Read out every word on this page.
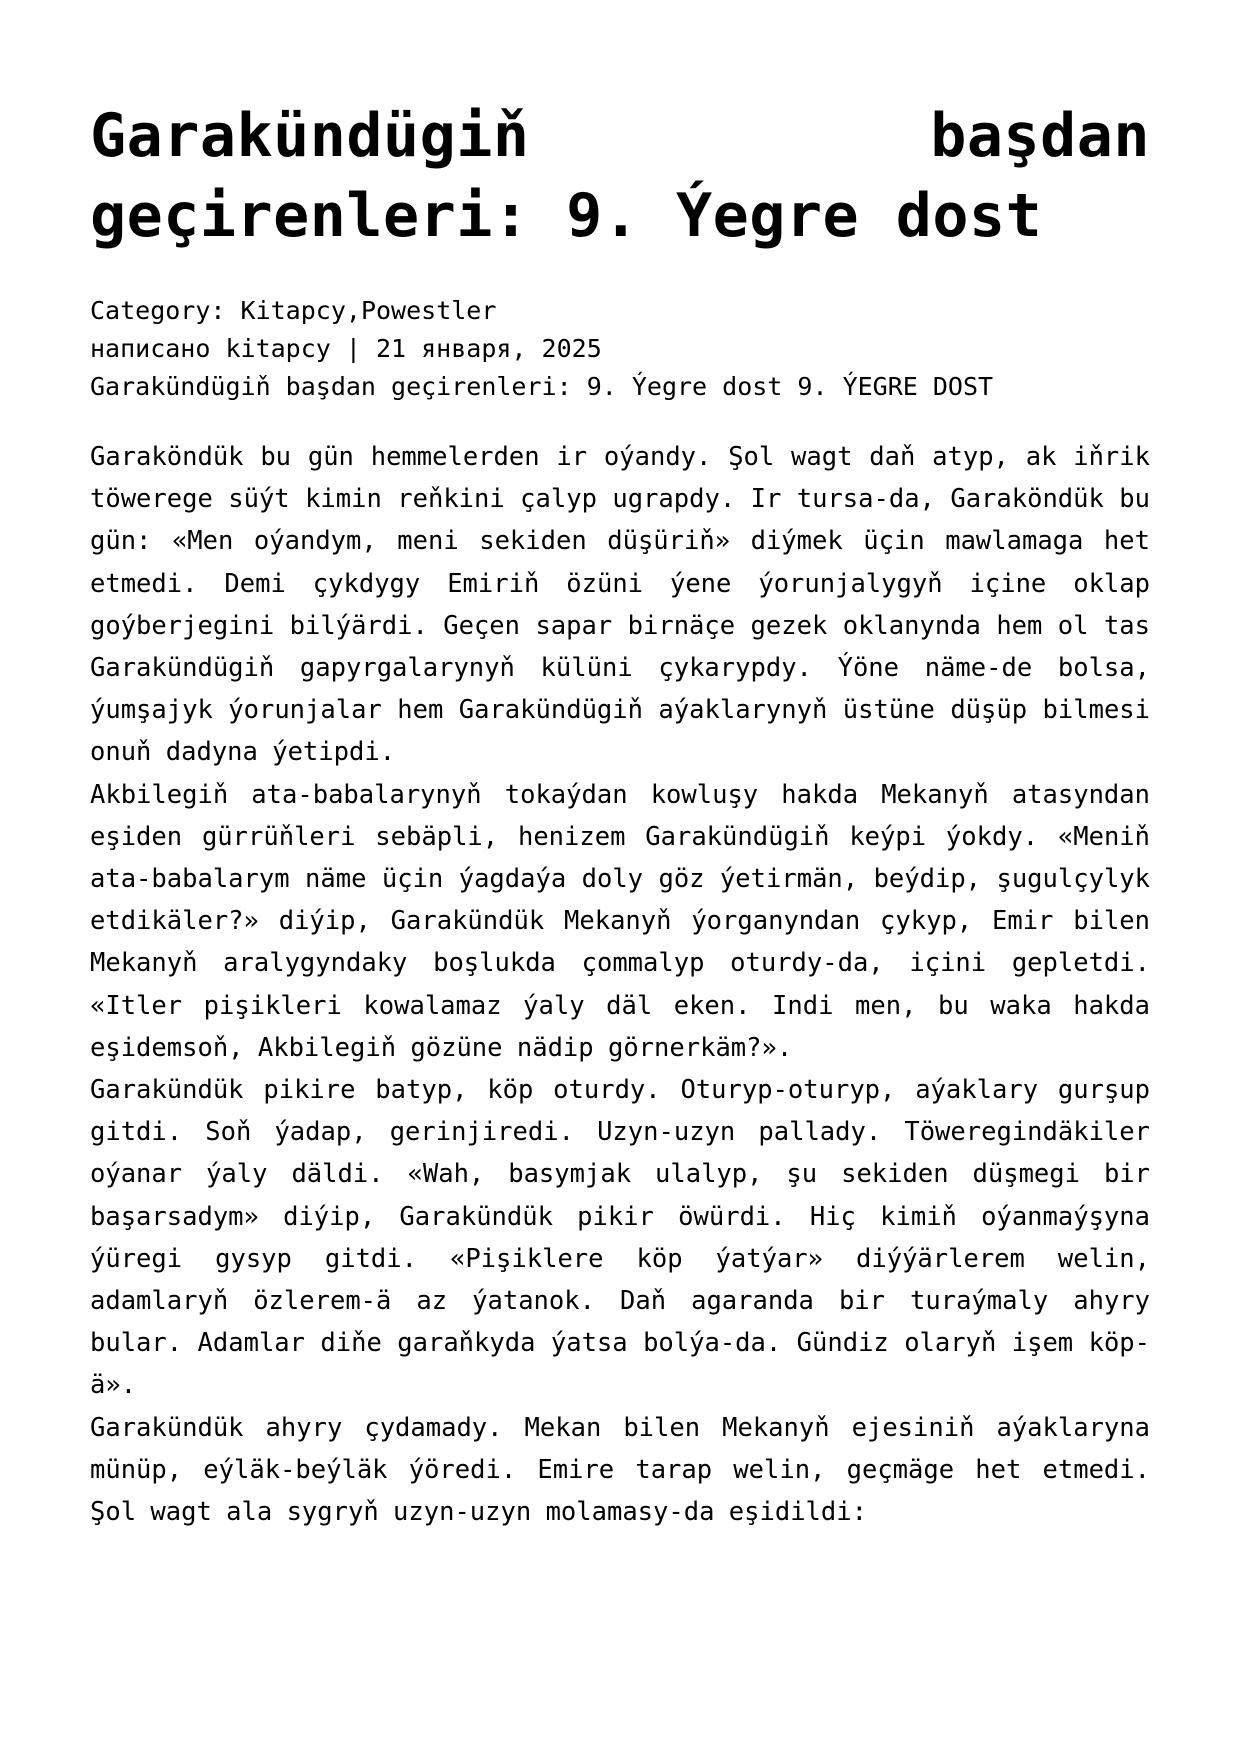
Garakündügiň başdan geçirenleri: 9. Ýegre dost
Category: Kitapcy,Powestler
написано kitapcy | 21 января, 2025
Garakündügiň başdan geçirenleri: 9. Ýegre dost 9. ÝEGRE DOST

Garaköndük bu gün hemmelerden ir oýandy. Şol wagt daň atyp, ak iňrik töwerege süýt kimin reňkini çalyp ugrapdy. Ir tursa-da, Garaköndük bu gün: «Men oýandym, meni sekiden düşüriň» diýmek üçin mawlamaga het etmedi. Demi çykdygy Emiriň özüni ýene ýorunjalygyň içine oklap goýberjegini bilýärdi. Geçen sapar birnäçe gezek oklanynda hem ol tas Garakündügiň gapyrgalarynyň külüni çykarypdy. Ýöne näme-de bolsa, ýumşajyk ýorunjalar hem Garakündügiň aýaklarynyň üstüne düşüp bilmesi onuň dadyna ýetipdi.

Akbilegiň ata-babalarynyň tokaýdan kowluşy hakda Mekanyň atasyndan eşiden gürrüňleri sebäpli, henizem Garakündügiň keýpi ýokdy. «Meniň ata-babalarym näme üçin ýagdaýa doly göz ýetirmän, beýdip, şugulçylyk etdikäler?» diýip, Garakündük Mekanyň ýorganyndan çykyp, Emir bilen Mekanyň aralygyndaky boşlukda çommalyp oturdy-da, içini gepletdi. «Itler pişikleri kowalamaz ýaly däl eken. Indi men, bu waka hakda eşidemsoň, Akbilegiň gözüne nädip görnerkäm?».

Garakündük pikire batyp, köp oturdy. Oturyp-oturyp, aýaklary gurşup gitdi. Soň ýadap, gerinjiredi. Uzyn-uzyn pallady. Töweregindäkiler oýanar ýaly däldi. «Wah, basymjak ulalyp, şu sekiden düşmegi bir başarsadym» diýip, Garakündük pikir öwürdi. Hiç kimiň oýanmaýşyna ýüregi gysyp gitdi. «Pişiklere köp ýatýar» diýýärlerem welin, adamlaryň özlerem-ä az ýatanok. Daň agaranda bir turaýmaly ahyry bular. Adamlar diňe garaňkyda ýatsa bolýa-da. Gündiz olaryň işem köp-ä».

Garakündük ahyry çydamady. Mekan bilen Mekanyň ejesiniň aýaklaryna münüp, eýläk-beýläk ýöredi. Emire tarap welin, geçmäge het etmedi. Şol wagt ala sygryň uzyn-uzyn molamasy-da eşidildi:
